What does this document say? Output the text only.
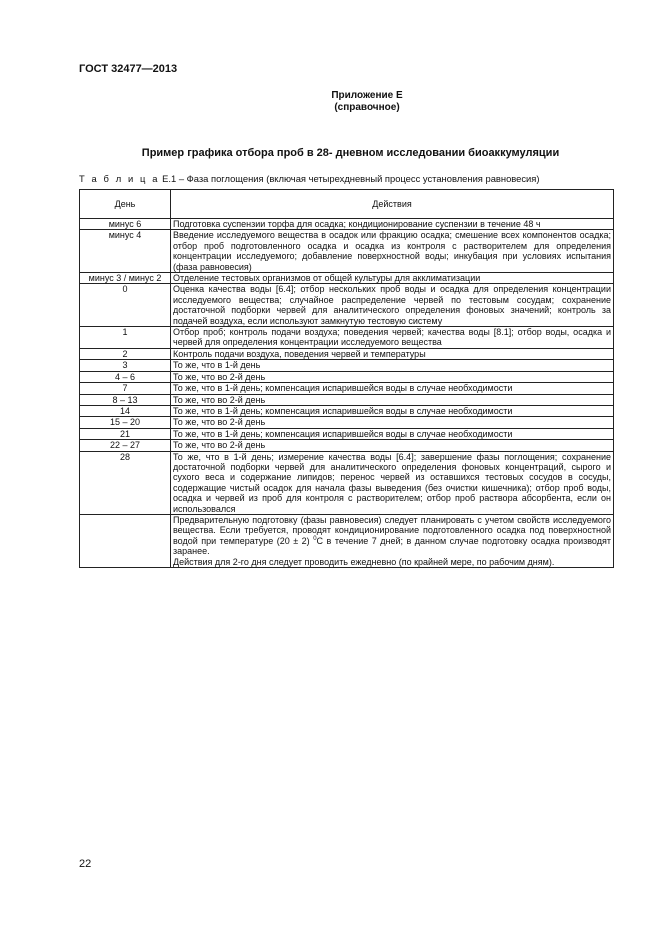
ГОСТ 32477—2013
Приложение Е
(справочное)
Пример графика отбора проб в 28- дневном исследовании биоаккумуляции
Т а б л и ц а Е.1 – Фаза поглощения (включая четырехдневный процесс установления равновесия)
День	Действия
минус 6	Подготовка суспензии торфа для осадка; кондиционирование суспензии в течение 48 ч
минус 4	Введение исследуемого вещества в осадок или фракцию осадка; смешение всех компонентов осадка; отбор проб подготовленного осадка и осадка из контроля с растворителем для определения концентрации исследуемого; добавление поверхностной воды; инкубация при условиях испытания (фаза равновесия)
минус 3 / минус 2	Отделение тестовых организмов от общей культуры для акклиматизации
0	Оценка качества воды [6.4]; отбор нескольких проб воды и осадка для определения концентрации исследуемого вещества; случайное распределение червей по тестовым сосудам; сохранение достаточной подборки червей для аналитического определения фоновых значений; контроль за подачей воздуха, если используют замкнутую тестовую систему
1	Отбор проб; контроль подачи воздуха; поведения червей; качества воды [8.1]; отбор воды, осадка и червей для определения концентрации исследуемого вещества
2	Контроль подачи воздуха, поведения червей и температуры
3	То же, что в 1-й день
4 – 6	То же, что во 2-й день
7	То же, что в 1-й день; компенсация испарившейся воды в случае необходимости
8 – 13	То же, что во 2-й день
14	То же, что в 1-й день; компенсация испарившейся воды в случае необходимости
15 – 20	То же, что во 2-й день
21	То же, что в 1-й день; компенсация испарившейся воды в случае необходимости
22 – 27	То же, что во 2-й день
28	То же, что в 1-й день; измерение качества воды [6.4]; завершение фазы поглощения; сохранение достаточной подборки червей для аналитического определения фоновых концентраций, сырого и сухого веса и содержание липидов; перенос червей из оставшихся тестовых сосудов в сосуды, содержащие чистый осадок для начала фазы выведения (без очистки кишечника); отбор проб воды, осадка и червей из проб для контроля с растворителем; отбор проб раствора абсорбента, если он использовался
	Предварительную подготовку (фазы равновесия) следует планировать с учетом свойств исследуемого вещества. Если требуется, проводят кондиционирование подготовленного осадка под поверхностной водой при температуре (20 ± 2) $^0$С в течение 7 дней; в данном случае подготовку осадка производят заранее.
Действия для 2-го дня следует проводить ежедневно (по крайней мере, по рабочим дням).
22
